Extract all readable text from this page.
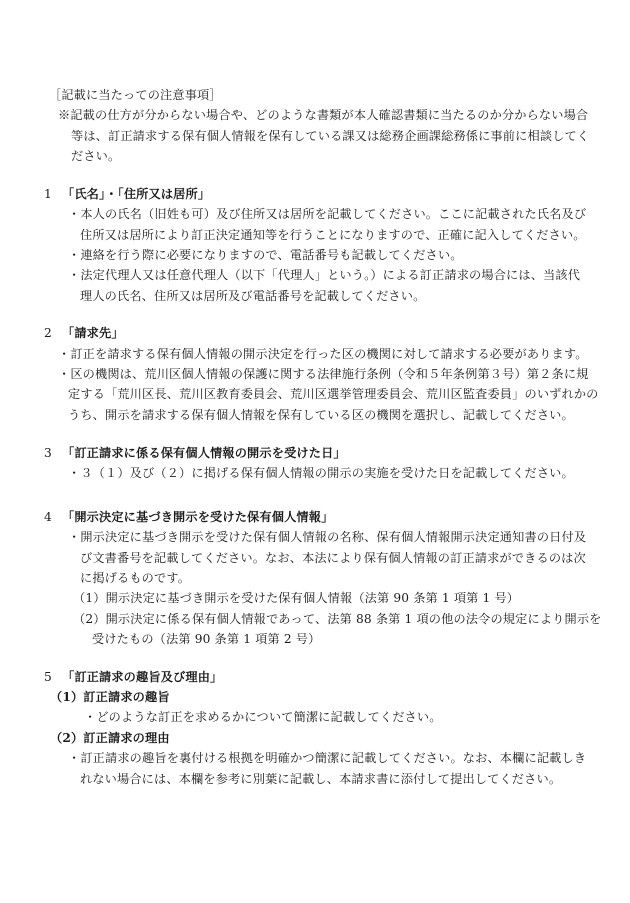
［記載に当たっての注意事項］
※記載の仕方が分からない場合や、どのような書類が本人確認書類に当たるのか分からない場合
等は、訂正請求する保有個人情報を保有している課又は総務企画課総務係に事前に相談してく
ださい。
1 「氏名」・「住所又は居所」
・本人の氏名（旧姓も可）及び住所又は居所を記載してください。ここに記載された氏名及び
住所又は居所により訂正決定通知等を行うことになりますので、正確に記入してください。
・連絡を行う際に必要になりますので、電話番号も記載してください。
・法定代理人又は任意代理人（以下「代理人」という。）による訂正請求の場合には、当該代
理人の氏名、住所又は居所及び電話番号を記載してください。
2 「請求先」
・訂正を請求する保有個人情報の開示決定を行った区の機関に対して請求する必要があります。
・区の機関は、荒川区個人情報の保護に関する法律施行条例（令和５年条例第３号）第２条に規
定する「荒川区長、荒川区教育委員会、荒川区選挙管理委員会、荒川区監査委員」のいずれかの
うち、開示を請求する保有個人情報を保有している区の機関を選択し、記載してください。
3 「訂正請求に係る保有個人情報の開示を受けた日」
・３（１）及び（２）に掲げる保有個人情報の開示の実施を受けた日を記載してください。
4 「開示決定に基づき開示を受けた保有個人情報」
・開示決定に基づき開示を受けた保有個人情報の名称、保有個人情報開示決定通知書の日付及
び文書番号を記載してください。なお、本法により保有個人情報の訂正請求ができるのは次
に掲げるものです。
（1）開示決定に基づき開示を受けた保有個人情報（法第 90 条第 1 項第 1 号）
（2）開示決定に係る保有個人情報であって、法第 88 条第 1 項の他の法令の規定により開示を
受けたもの（法第 90 条第 1 項第 2 号）
5 「訂正請求の趣旨及び理由」
（1）訂正請求の趣旨
・どのような訂正を求めるかについて簡潔に記載してください。
（2）訂正請求の理由
・訂正請求の趣旨を裏付ける根拠を明確かつ簡潔に記載してください。なお、本欄に記載しき
れない場合には、本欄を参考に別葉に記載し、本請求書に添付して提出してください。
